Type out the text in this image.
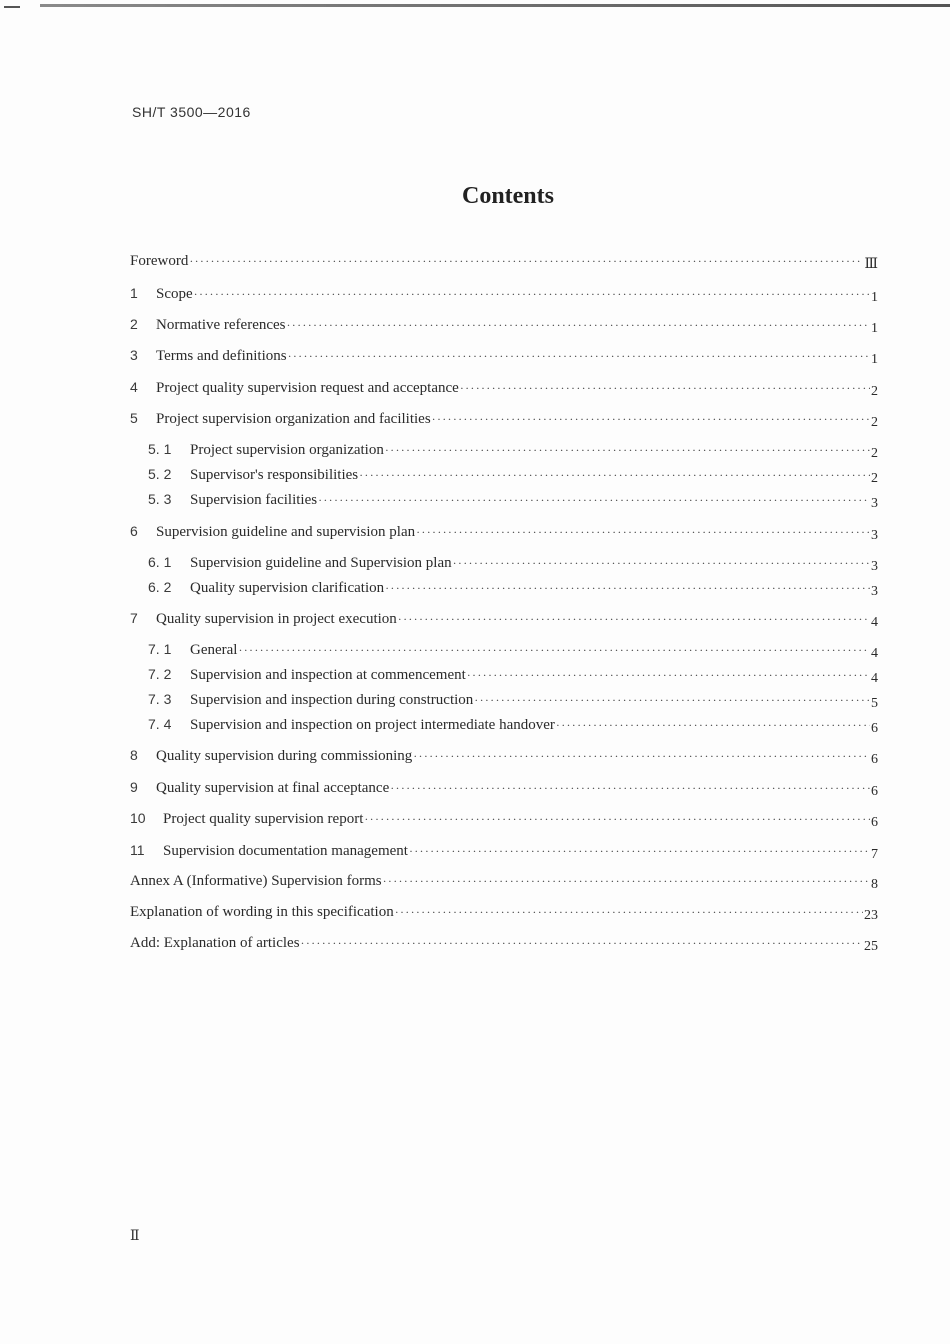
SH/T 3500—2016
Contents
Foreword ·····	Ⅲ
1	Scope ·····	1
2	Normative references ·····	1
3	Terms and definitions ·····	1
4	Project quality supervision request and acceptance ·····	2
5	Project supervision organization and facilities ·····	2
5. 1	Project supervision organization ·····	2
5. 2	Supervisor's responsibilities ·····	2
5. 3	Supervision facilities ·····	3
6	Supervision guideline and supervision plan ·····	3
6. 1	Supervision guideline and Supervision plan ·····	3
6. 2	Quality supervision clarification ·····	3
7	Quality supervision in project execution ·····	4
7. 1	General ·····	4
7. 2	Supervision and inspection at commencement ·····	4
7. 3	Supervision and inspection during construction ·····	5
7. 4	Supervision and inspection on project intermediate handover ·····	6
8	Quality supervision during commissioning ·····	6
9	Quality supervision at final acceptance ·····	6
10	Project quality supervision report ·····	6
11	Supervision documentation management ·····	7
Annex A (Informative) Supervision forms ·····	8
Explanation of wording in this specification ·····	23
Add: Explanation of articles ·····	25
Ⅱ
